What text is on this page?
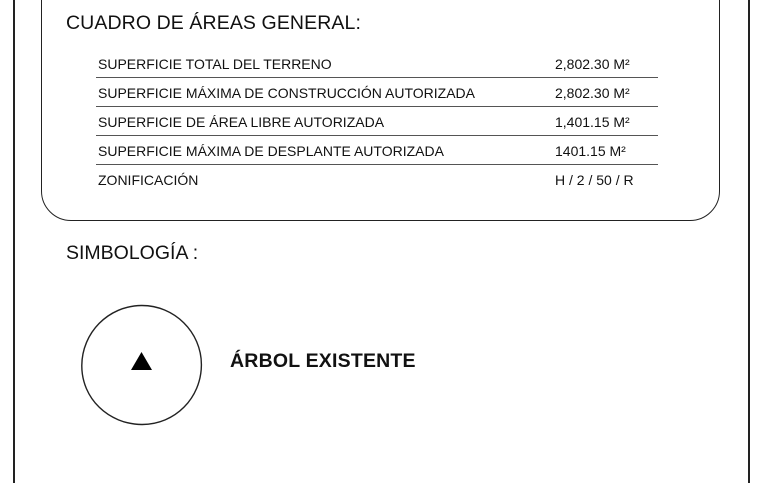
CUADRO DE ÁREAS GENERAL:
SUPERFICIE TOTAL DEL TERRENO	2,802.30 M²
SUPERFICIE MÁXIMA DE CONSTRUCCIÓN AUTORIZADA	2,802.30 M²
SUPERFICIE DE ÁREA LIBRE AUTORIZADA	1,401.15 M²
SUPERFICIE MÁXIMA DE DESPLANTE AUTORIZADA	1401.15 M²
ZONIFICACIÓN	H / 2 / 50 / R
SIMBOLOGÍA :
ÁRBOL EXISTENTE
